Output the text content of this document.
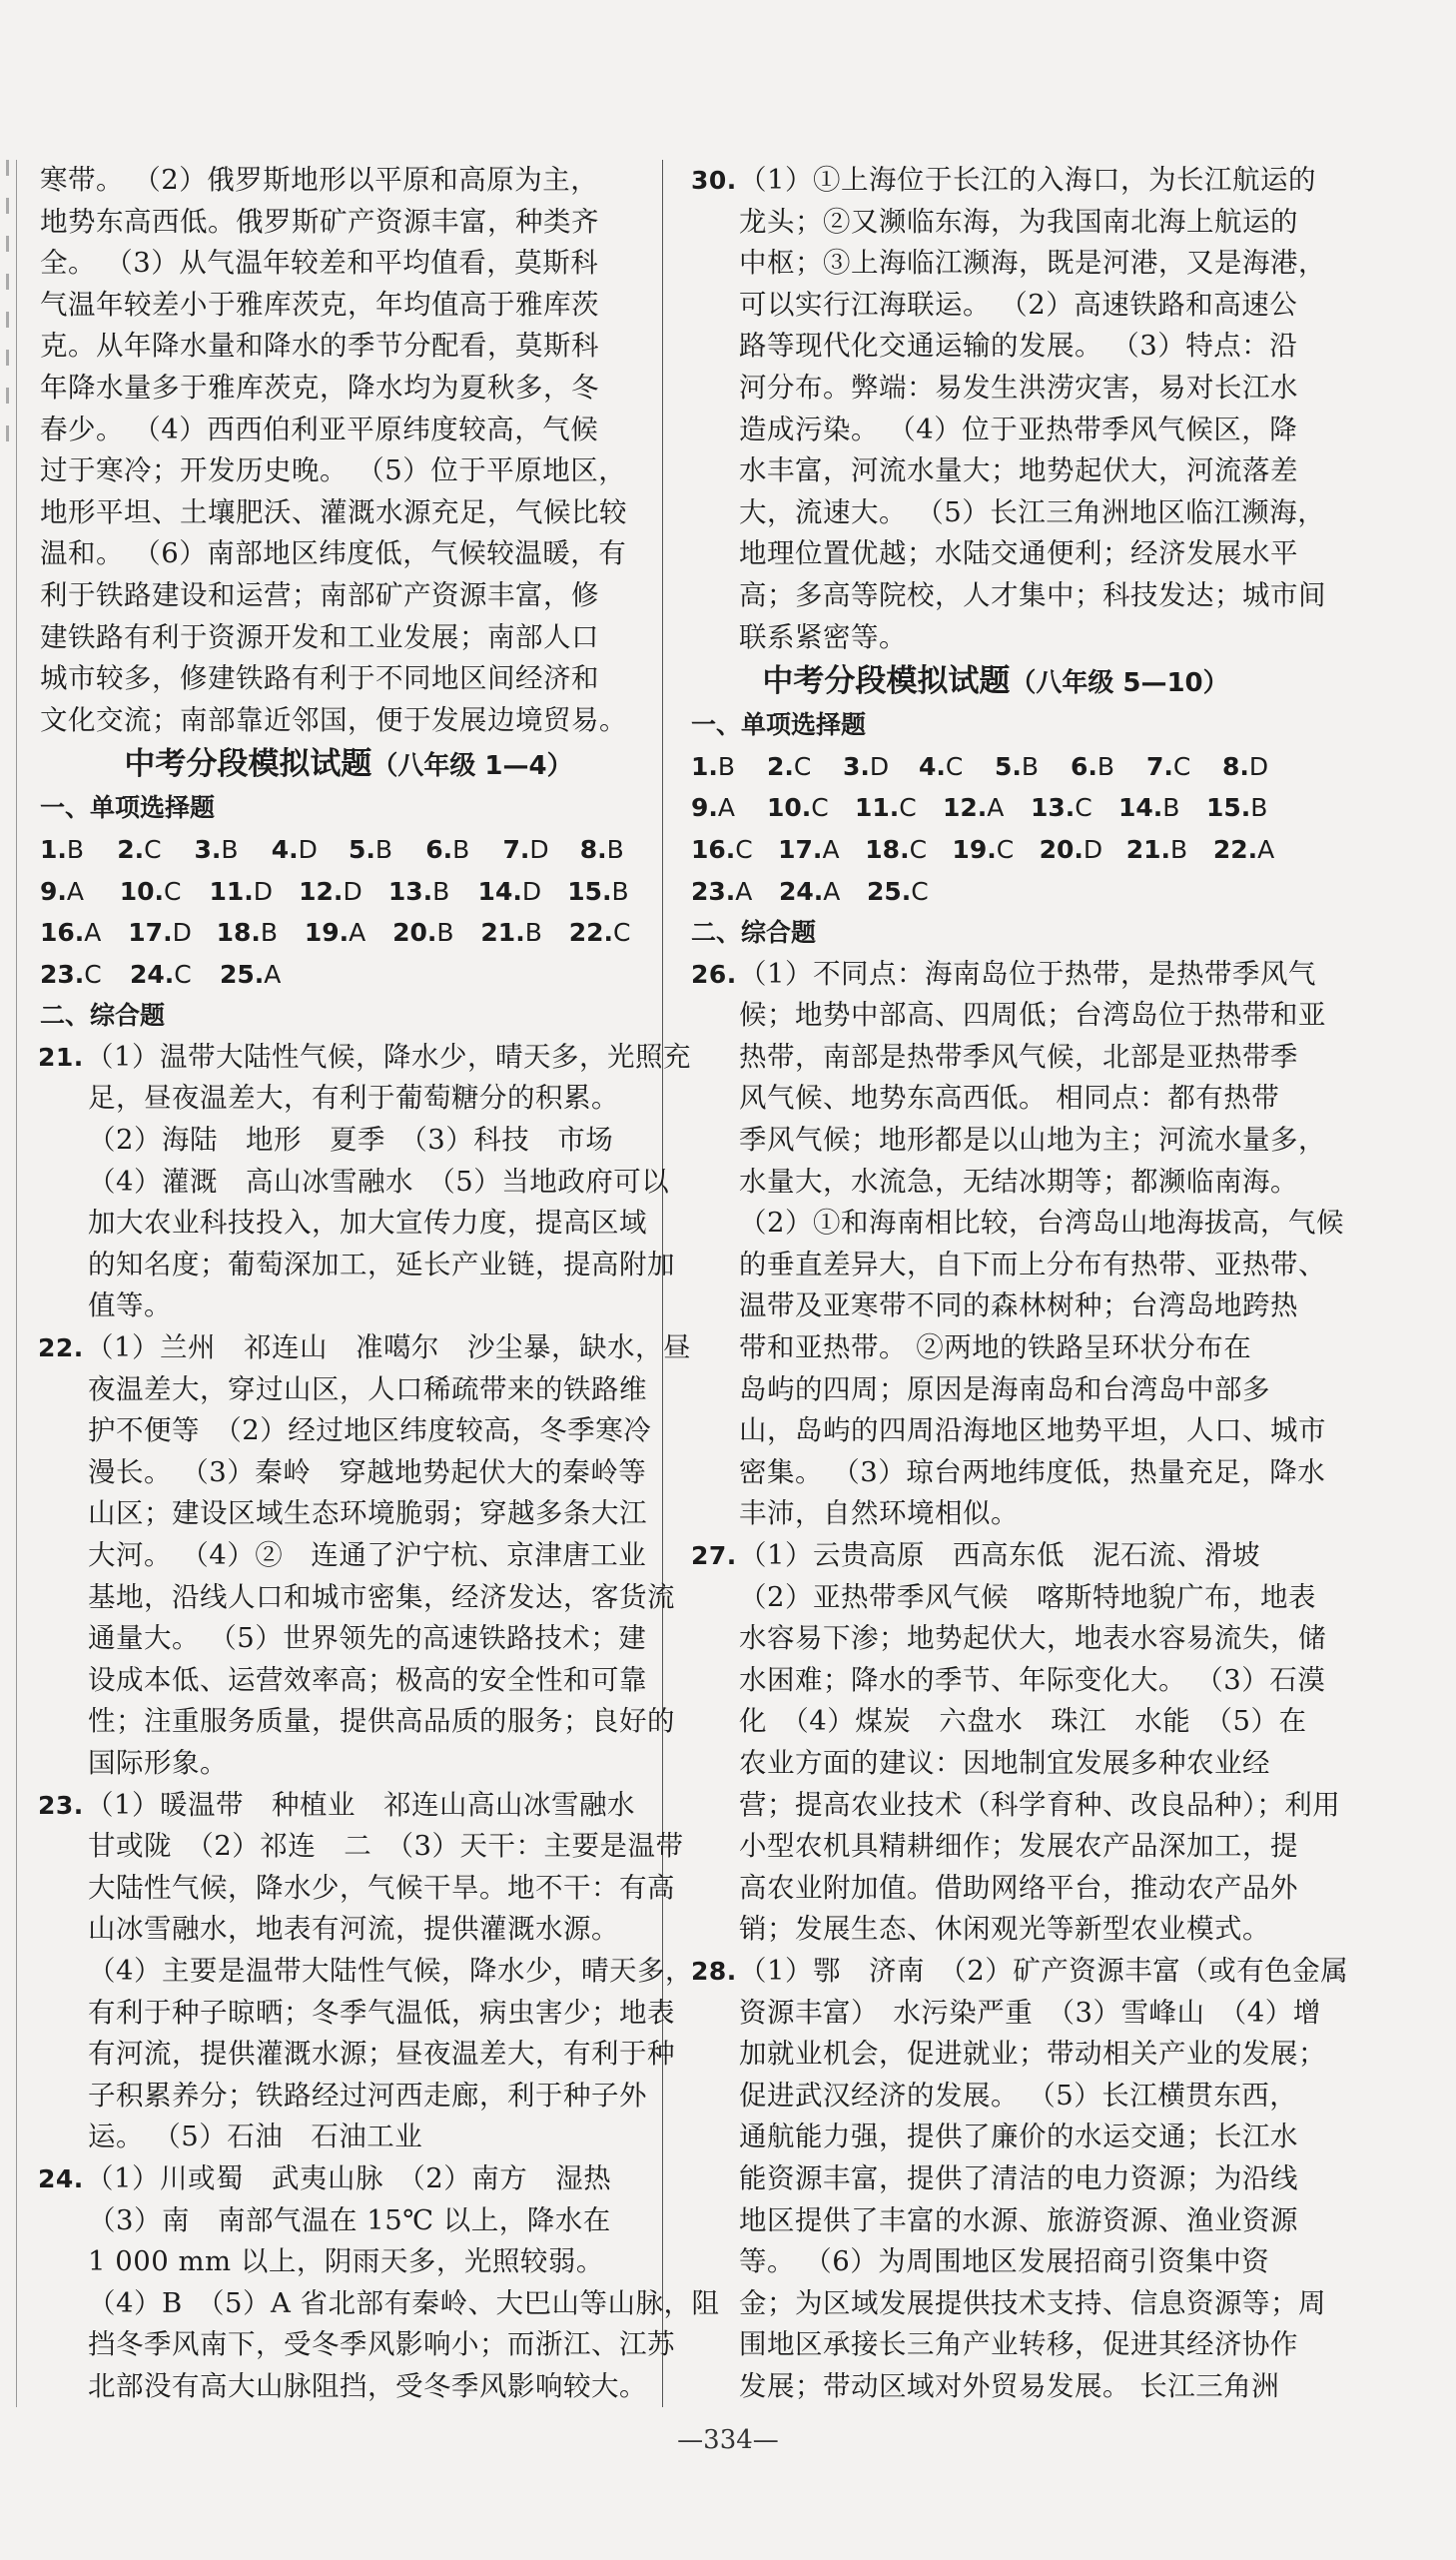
寒带。 （2）俄罗斯地形以平原和高原为主，
地势东高西低。俄罗斯矿产资源丰富，种类齐
全。 （3）从气温年较差和平均值看，莫斯科
气温年较差小于雅库茨克，年均值高于雅库茨
克。从年降水量和降水的季节分配看，莫斯科
年降水量多于雅库茨克，降水均为夏秋多，冬
春少。 （4）西西伯利亚平原纬度较高，气候
过于寒冷；开发历史晚。 （5）位于平原地区，
地形平坦、土壤肥沃、灌溉水源充足，气候比较
温和。 （6）南部地区纬度低，气候较温暖，有
利于铁路建设和运营；南部矿产资源丰富，修
建铁路有利于资源开发和工业发展；南部人口
城市较多，修建铁路有利于不同地区间经济和
文化交流；南部靠近邻国，便于发展边境贸易。
中考分段模拟试题（八年级 1—4）
一、单项选择题
1.B	2.C	3.B	4.D	5.B	6.B	7.D	8.B
9.A	10.C	11.D	12.D	13.B	14.D	15.B
16.A	17.D 18.B	19.A	20.B	21.B	22.C
23.C	24.C	25.A
二、综合题
21.（1）温带大陆性气候，降水少，晴天多，光照充
足，昼夜温差大，有利于葡萄糖分的积累。
（2）海陆　地形　夏季　（3）科技　市场
（4）灌溉　高山冰雪融水　（5）当地政府可以
加大农业科技投入，加大宣传力度，提高区域
的知名度；葡萄深加工，延长产业链，提高附加
值等。
22.（1）兰州　祁连山　准噶尔　沙尘暴，缺水，昼
夜温差大，穿过山区，人口稀疏带来的铁路维
护不便等　（2）经过地区纬度较高，冬季寒冷
漫长。 （3）秦岭　穿越地势起伏大的秦岭等
山区；建设区域生态环境脆弱；穿越多条大江
大河。 （4）②　连通了沪宁杭、京津唐工业
基地，沿线人口和城市密集，经济发达，客货流
通量大。 （5）世界领先的高速铁路技术；建
设成本低、运营效率高；极高的安全性和可靠
性；注重服务质量，提供高品质的服务；良好的
国际形象。
23.（1）暖温带　种植业　祁连山高山冰雪融水
甘或陇　（2）祁连　二　（3）天干：主要是温带
大陆性气候，降水少，气候干旱。地不干：有高
山冰雪融水，地表有河流，提供灌溉水源。
（4）主要是温带大陆性气候，降水少，晴天多，
有利于种子晾晒；冬季气温低，病虫害少；地表
有河流，提供灌溉水源；昼夜温差大，有利于种
子积累养分；铁路经过河西走廊，利于种子外
运。 （5）石油　石油工业
24.（1）川或蜀　武夷山脉　（2）南方　湿热
（3）南　南部气温在 15℃ 以上，降水在
1 000 mm 以上，阴雨天多，光照较弱。
（4）B　（5）A 省北部有秦岭、大巴山等山脉，阻
挡冬季风南下，受冬季风影响小；而浙江、江苏
北部没有高大山脉阻挡，受冬季风影响较大。
30.（1）①上海位于长江的入海口，为长江航运的
龙头；②又濒临东海，为我国南北海上航运的
中枢；③上海临江濒海，既是河港，又是海港，
可以实行江海联运。 （2）高速铁路和高速公
路等现代化交通运输的发展。 （3）特点：沿
河分布。弊端：易发生洪涝灾害，易对长江水
造成污染。 （4）位于亚热带季风气候区，降
水丰富，河流水量大；地势起伏大，河流落差
大，流速大。 （5）长江三角洲地区临江濒海，
地理位置优越；水陆交通便利；经济发展水平
高；多高等院校，人才集中；科技发达；城市间
联系紧密等。
中考分段模拟试题（八年级 5—10）
一、单项选择题
1.B	2.C	3.D	4.C	5.B	6.B	7.C	8.D
9.A	10.C	11.C	12.A	13.C	14.B	15.B
16.C	17.A	18.C	19.C	20.D 21.B	22.A
23.A	24.A	25.C
二、综合题
26.（1）不同点：海南岛位于热带，是热带季风气
候；地势中部高、四周低；台湾岛位于热带和亚
热带，南部是热带季风气候，北部是亚热带季
风气候、地势东高西低。 相同点：都有热带
季风气候；地形都是以山地为主；河流水量多，
水量大，水流急，无结冰期等；都濒临南海。
（2）①和海南相比较，台湾岛山地海拔高，气候
的垂直差异大，自下而上分布有热带、亚热带、
温带及亚寒带不同的森林树种；台湾岛地跨热
带和亚热带。 ②两地的铁路呈环状分布在
岛屿的四周；原因是海南岛和台湾岛中部多
山，岛屿的四周沿海地区地势平坦，人口、城市
密集。 （3）琼台两地纬度低，热量充足，降水
丰沛，自然环境相似。
27.（1）云贵高原　西高东低　泥石流、滑坡
（2）亚热带季风气候　喀斯特地貌广布，地表
水容易下渗；地势起伏大，地表水容易流失，储
水困难；降水的季节、年际变化大。 （3）石漠
化　（4）煤炭　六盘水　珠江　水能　（5）在
农业方面的建议：因地制宜发展多种农业经
营；提高农业技术（科学育种、改良品种）；利用
小型农机具精耕细作；发展农产品深加工，提
高农业附加值。借助网络平台，推动农产品外
销；发展生态、休闲观光等新型农业模式。
28.（1）鄂　济南　（2）矿产资源丰富（或有色金属
资源丰富）　水污染严重　（3）雪峰山　（4）增
加就业机会，促进就业；带动相关产业的发展；
促进武汉经济的发展。 （5）长江横贯东西，
通航能力强，提供了廉价的水运交通；长江水
能资源丰富，提供了清洁的电力资源；为沿线
地区提供了丰富的水源、旅游资源、渔业资源
等。 （6）为周围地区发展招商引资集中资
金；为区域发展提供技术支持、信息资源等；周
围地区承接长三角产业转移，促进其经济协作
发展；带动区域对外贸易发展。 长江三角洲
—334—
